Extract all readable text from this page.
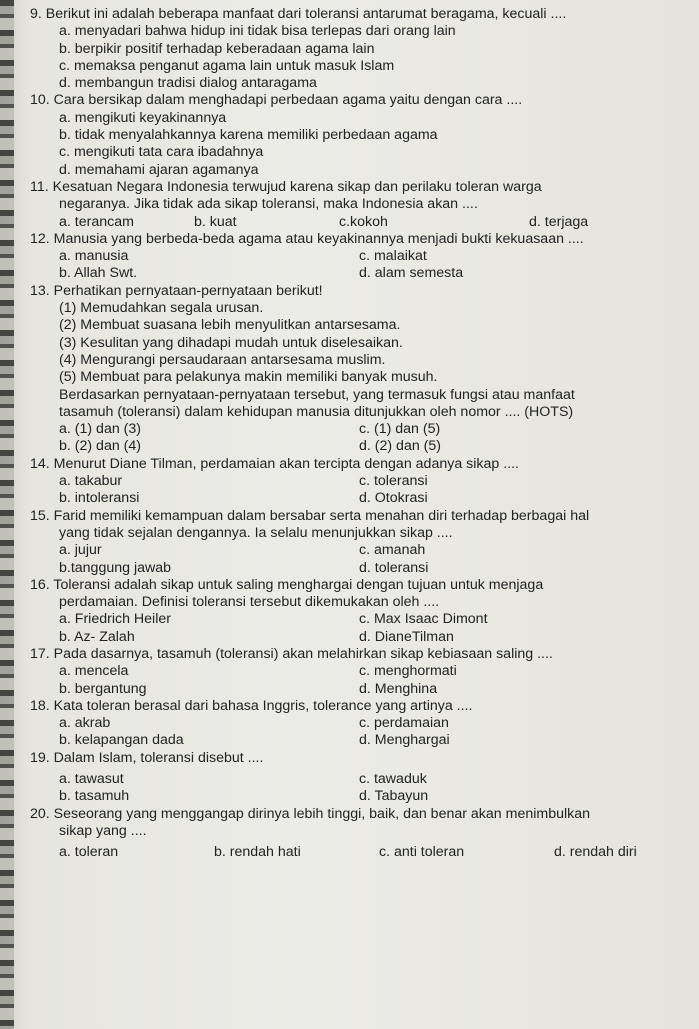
9. Berikut ini adalah beberapa manfaat dari toleransi antarumat beragama, kecuali ....
a. menyadari bahwa hidup ini tidak bisa terlepas dari orang lain
b. berpikir positif terhadap keberadaan agama lain
c. memaksa penganut agama lain untuk masuk Islam
d. membangun tradisi dialog antaragama
10. Cara bersikap dalam menghadapi perbedaan agama yaitu dengan cara ....
a. mengikuti keyakinannya
b. tidak menyalahkannya karena memiliki perbedaan agama
c. mengikuti tata cara ibadahnya
d. memahami ajaran agamanya
11. Kesatuan Negara Indonesia terwujud karena sikap dan perilaku toleran warga
negaranya. Jika tidak ada sikap toleransi, maka Indonesia akan ....
a. terancam	b. kuat	c.kokoh	d. terjaga
12. Manusia yang berbeda-beda agama atau keyakinannya menjadi bukti kekuasaan ....
a. manusia	c. malaikat
b. Allah Swt.	d. alam semesta
13. Perhatikan pernyataan-pernyataan berikut!
(1) Memudahkan segala urusan.
(2) Membuat suasana lebih menyulitkan antarsesama.
(3) Kesulitan yang dihadapi mudah untuk diselesaikan.
(4) Mengurangi persaudaraan antarsesama muslim.
(5) Membuat para pelakunya makin memiliki banyak musuh.
Berdasarkan pernyataan-pernyataan tersebut, yang termasuk fungsi atau manfaat
tasamuh (toleransi) dalam kehidupan manusia ditunjukkan oleh nomor .... (HOTS)
a. (1) dan (3)	c. (1) dan (5)
b. (2) dan (4)	d. (2) dan (5)
14. Menurut Diane Tilman, perdamaian akan tercipta dengan adanya sikap ....
a. takabur	c. toleransi
b. intoleransi	d. Otokrasi
15. Farid memiliki kemampuan dalam bersabar serta menahan diri terhadap berbagai hal
yang tidak sejalan dengannya. Ia selalu menunjukkan sikap ....
a. jujur	c. amanah
b.tanggung jawab	d. toleransi
16. Toleransi adalah sikap untuk saling menghargai dengan tujuan untuk menjaga
perdamaian. Definisi toleransi tersebut dikemukakan oleh ....
a. Friedrich Heiler	c. Max Isaac Dimont
b. Az- Zalah	d. DianeTilman
17. Pada dasarnya, tasamuh (toleransi) akan melahirkan sikap kebiasaan saling ....
a. mencela	c. menghormati
b. bergantung	d. Menghina
18. Kata toleran berasal dari bahasa Inggris, tolerance yang artinya ....
a. akrab	c. perdamaian
b. kelapangan dada	d. Menghargai
19. Dalam Islam, toleransi disebut ....
a. tawasut	c. tawaduk
b. tasamuh	d. Tabayun
20. Seseorang yang menggangap dirinya lebih tinggi, baik, dan benar akan menimbulkan
sikap yang ....
a. toleran	b. rendah hati	c. anti toleran	d. rendah diri
